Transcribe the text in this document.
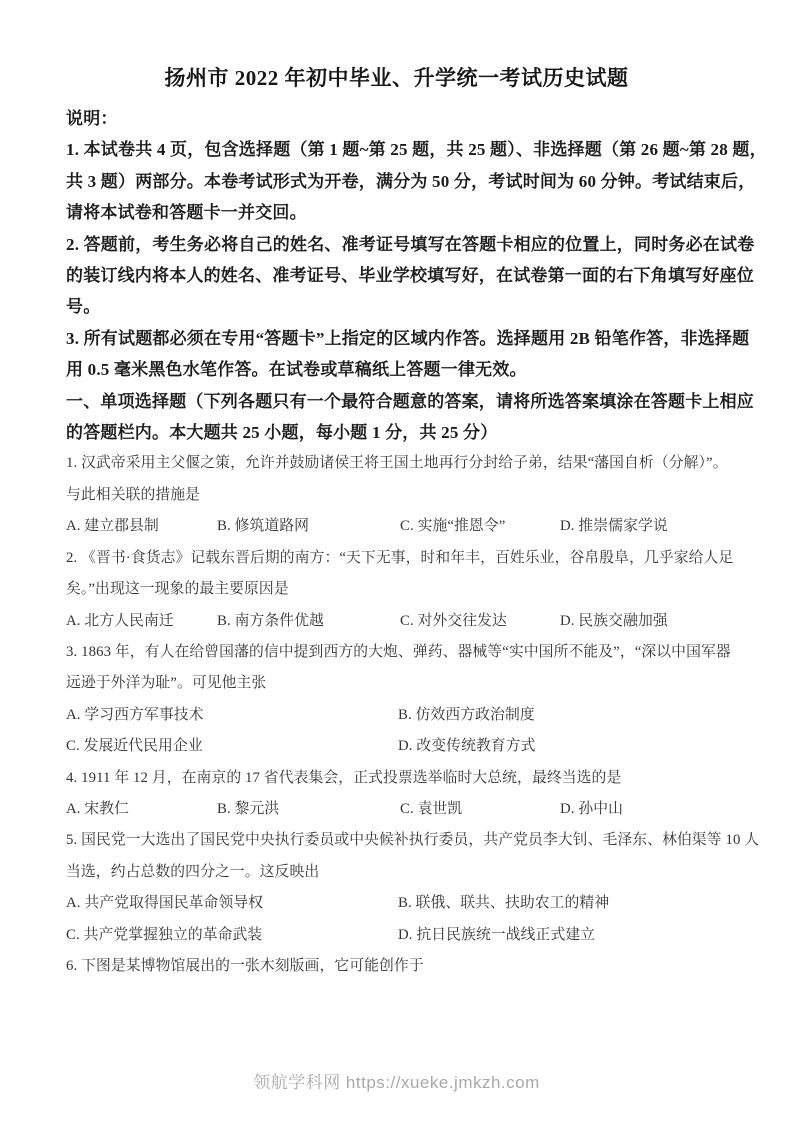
扬州市 2022 年初中毕业、升学统一考试历史试题
说明：
1. 本试卷共 4 页，包含选择题（第 1 题~第 25 题，共 25 题）、非选择题（第 26 题~第 28 题，
共 3 题）两部分。本卷考试形式为开卷，满分为 50 分，考试时间为 60 分钟。考试结束后，
请将本试卷和答题卡一并交回。
2. 答题前，考生务必将自己的姓名、准考证号填写在答题卡相应的位置上，同时务必在试卷
的装订线内将本人的姓名、准考证号、毕业学校填写好，在试卷第一面的右下角填写好座位
号。
3. 所有试题都必须在专用“答题卡”上指定的区域内作答。选择题用 2B 铅笔作答，非选择题
用 0.5 毫米黑色水笔作答。在试卷或草稿纸上答题一律无效。
一、单项选择题（下列各题只有一个最符合题意的答案，请将所选答案填涂在答题卡上相应
的答题栏内。本大题共 25 小题，每小题 1 分，共 25 分）
1. 汉武帝采用主父偃之策，允许并鼓励诸侯王将王国土地再行分封给子弟，结果“藩国自析（分解）”。
与此相关联的措施是
A. 建立郡县制	B. 修筑道路网	C. 实施“推恩令”	D. 推崇儒家学说
2. 《晋书·食货志》记载东晋后期的南方：“天下无事，时和年丰，百姓乐业，谷帛殷阜，几乎家给人足
矣。”出现这一现象的最主要原因是
A. 北方人民南迁	B. 南方条件优越	C. 对外交往发达	D. 民族交融加强
3. 1863 年，有人在给曾国藩的信中提到西方的大炮、弹药、器械等“实中国所不能及”，“深以中国军器
远逊于外洋为耻”。可见他主张
A. 学习西方军事技术	B. 仿效西方政治制度
C. 发展近代民用企业	D. 改变传统教育方式
4. 1911 年 12 月，在南京的 17 省代表集会，正式投票选举临时大总统，最终当选的是
A. 宋教仁	B. 黎元洪	C. 袁世凯	D. 孙中山
5. 国民党一大选出了国民党中央执行委员或中央候补执行委员，共产党员李大钊、毛泽东、林伯渠等 10 人
当选，约占总数的四分之一。这反映出
A. 共产党取得国民革命领导权	B. 联俄、联共、扶助农工的精神
C. 共产党掌握独立的革命武装	D. 抗日民族统一战线正式建立
6. 下图是某博物馆展出的一张木刻版画，它可能创作于
领航学科网 https://xueke.jmkzh.com
